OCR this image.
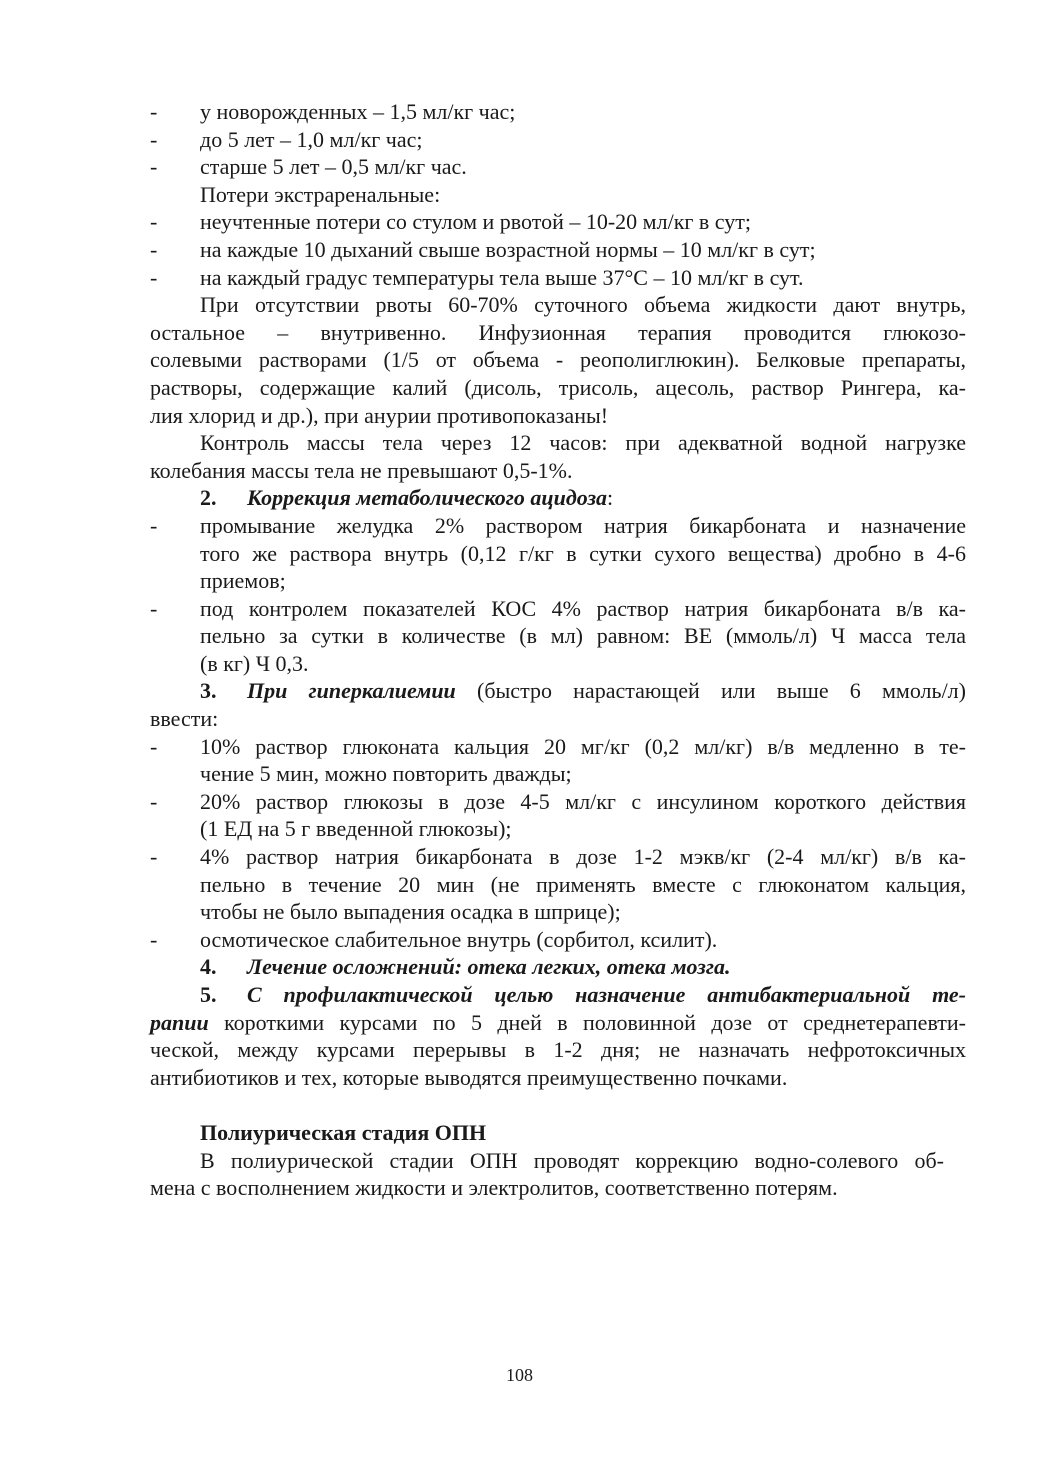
- у новорожденных – 1,5 мл/кг час;
- до 5 лет – 1,0 мл/кг час;
- старше 5 лет – 0,5 мл/кг час.
Потери экстраренальные:
- неучтенные потери со стулом и рвотой – 10-20 мл/кг в сут;
- на каждые 10 дыханий свыше возрастной нормы – 10 мл/кг в сут;
- на каждый градус температуры тела выше 37°С – 10 мл/кг в сут.
При отсутствии рвоты 60-70% суточного объема жидкости дают внутрь,
остальное – внутривенно. Инфузионная терапия проводится глюкозо-
солевыми растворами (1/5 от объема - реополиглюкин). Белковые препараты,
растворы, содержащие калий (дисоль, трисоль, ацесоль, раствор Рингера, ка-
лия хлорид и др.), при анурии противопоказаны!
Контроль массы тела через 12 часов: при адекватной водной нагрузке
колебания массы тела не превышают 0,5-1%.
2. Коррекция метаболического ацидоза:
- промывание желудка 2% раствором натрия бикарбоната и назначение
того же раствора внутрь (0,12 г/кг в сутки сухого вещества) дробно в 4-6
приемов;
- под контролем показателей КОС 4% раствор натрия бикарбоната в/в ка-
пельно за сутки в количестве (в мл) равном: ВЕ (ммоль/л) Ч масса тела
(в кг) Ч 0,3.
3. При гиперкалиемии (быстро нарастающей или выше 6 ммоль/л)
ввести:
- 10% раствор глюконата кальция 20 мг/кг (0,2 мл/кг) в/в медленно в те-
чение 5 мин, можно повторить дважды;
- 20% раствор глюкозы в дозе 4-5 мл/кг с инсулином короткого действия
(1 ЕД на 5 г введенной глюкозы);
- 4% раствор натрия бикарбоната в дозе 1-2 мэкв/кг (2-4 мл/кг) в/в ка-
пельно в течение 20 мин (не применять вместе с глюконатом кальция,
чтобы не было выпадения осадка в шприце);
- осмотическое слабительное внутрь (сорбитол, ксилит).
4. Лечение осложнений: отека легких, отека мозга.
5. С профилактической целью назначение антибактериальной те-
рапии короткими курсами по 5 дней в половинной дозе от среднетерапевти-
ческой, между курсами перерывы в 1-2 дня; не назначать нефротоксичных
антибиотиков и тех, которые выводятся преимущественно почками.
Полиурическая стадия ОПН
В полиурической стадии ОПН проводят коррекцию водно-солевого об-
мена с восполнением жидкости и электролитов, соответственно потерям.
108
